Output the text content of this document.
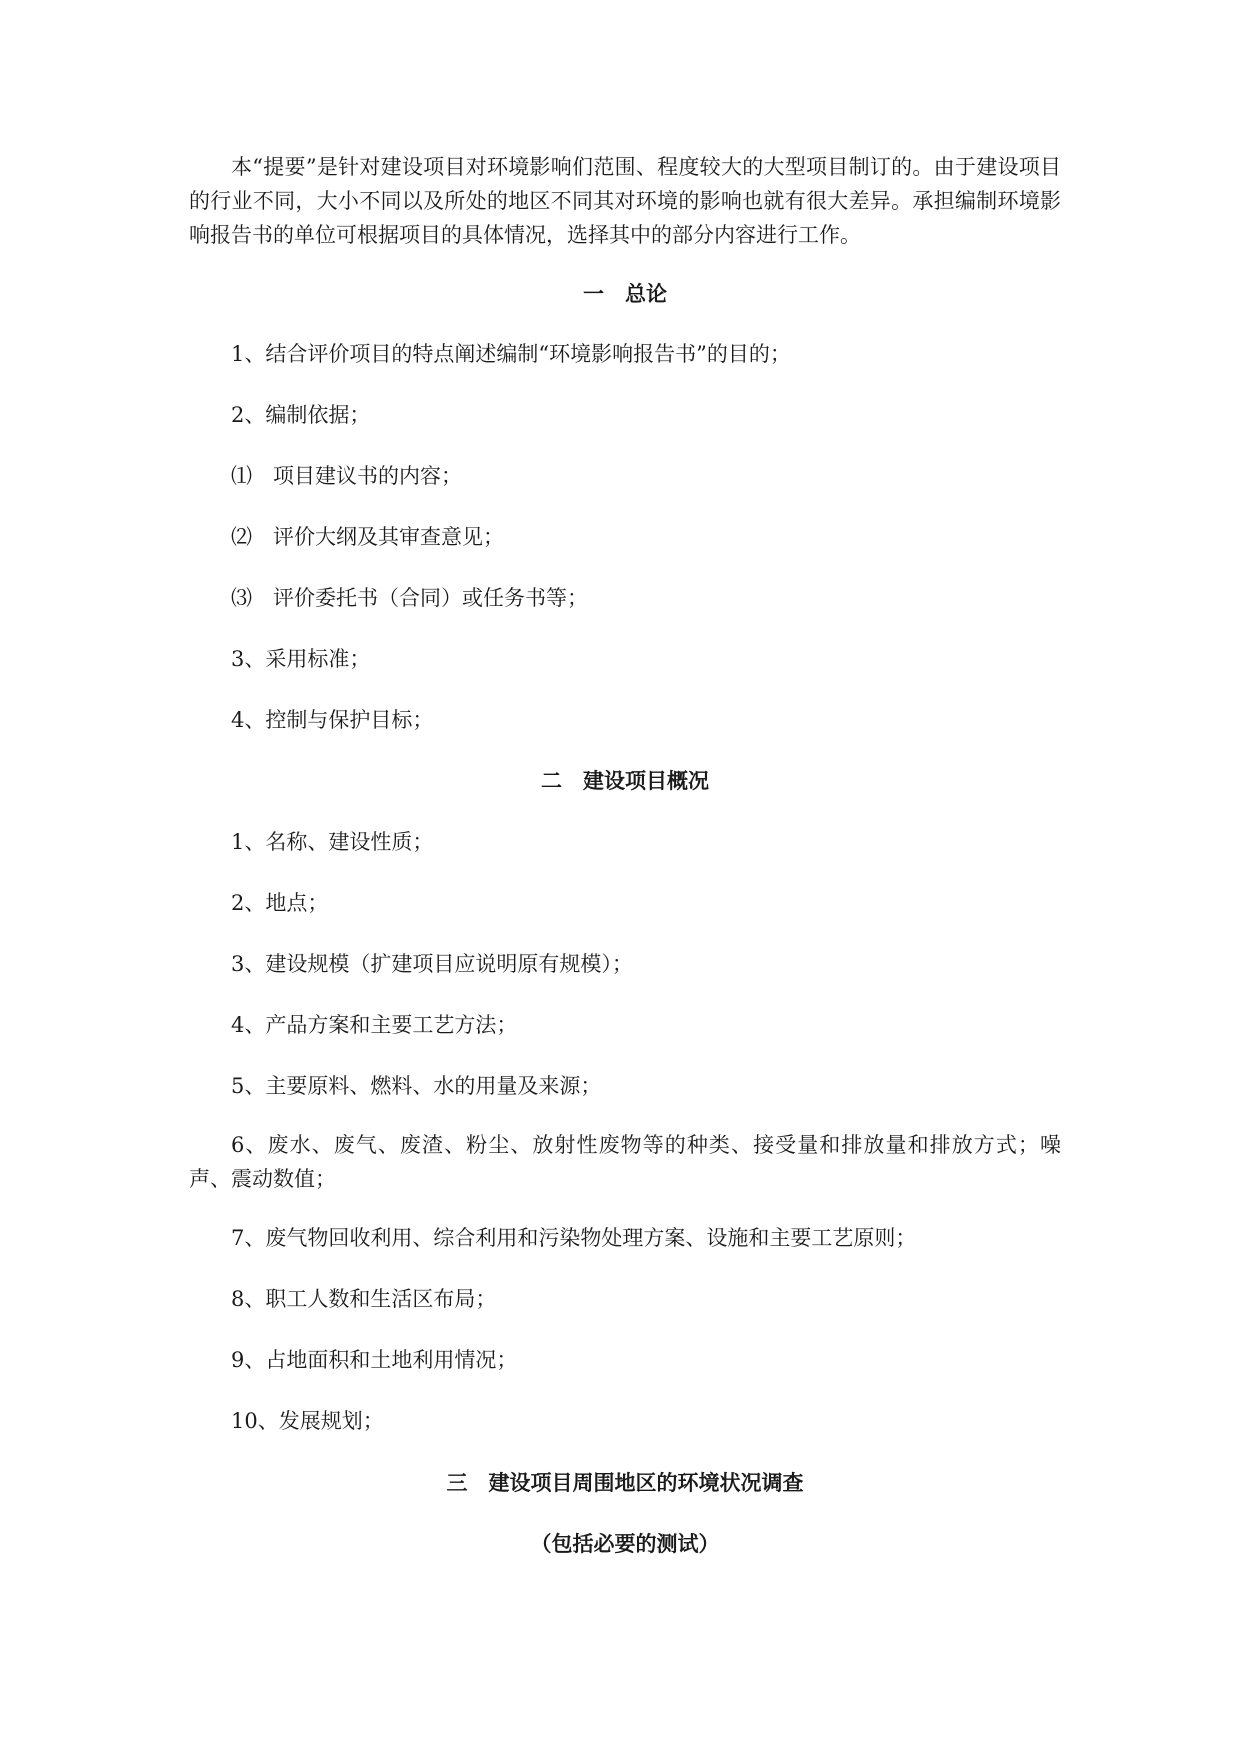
本“提要”是针对建设项目对环境影响们范围、程度较大的大型项目制订的。由于建设项目的行业不同，大小不同以及所处的地区不同其对环境的影响也就有很大差异。承担编制环境影响报告书的单位可根据项目的具体情况，选择其中的部分内容进行工作。

一　总论

1、结合评价项目的特点阐述编制“环境影响报告书”的目的；

2、编制依据；

⑴　项目建议书的内容；

⑵　评价大纲及其审查意见；

⑶　评价委托书（合同）或任务书等；

3、采用标准；

4、控制与保护目标；

二　建设项目概况

1、名称、建设性质；

2、地点；

3、建设规模（扩建项目应说明原有规模）；

4、产品方案和主要工艺方法；

5、主要原料、燃料、水的用量及来源；

6、废水、废气、废渣、粉尘、放射性废物等的种类、接受量和排放量和排放方式；噪声、震动数值；

7、废气物回收利用、综合利用和污染物处理方案、设施和主要工艺原则；

8、职工人数和生活区布局；

9、占地面积和土地利用情况；

10、发展规划；

三　建设项目周围地区的环境状况调查

（包括必要的测试）
